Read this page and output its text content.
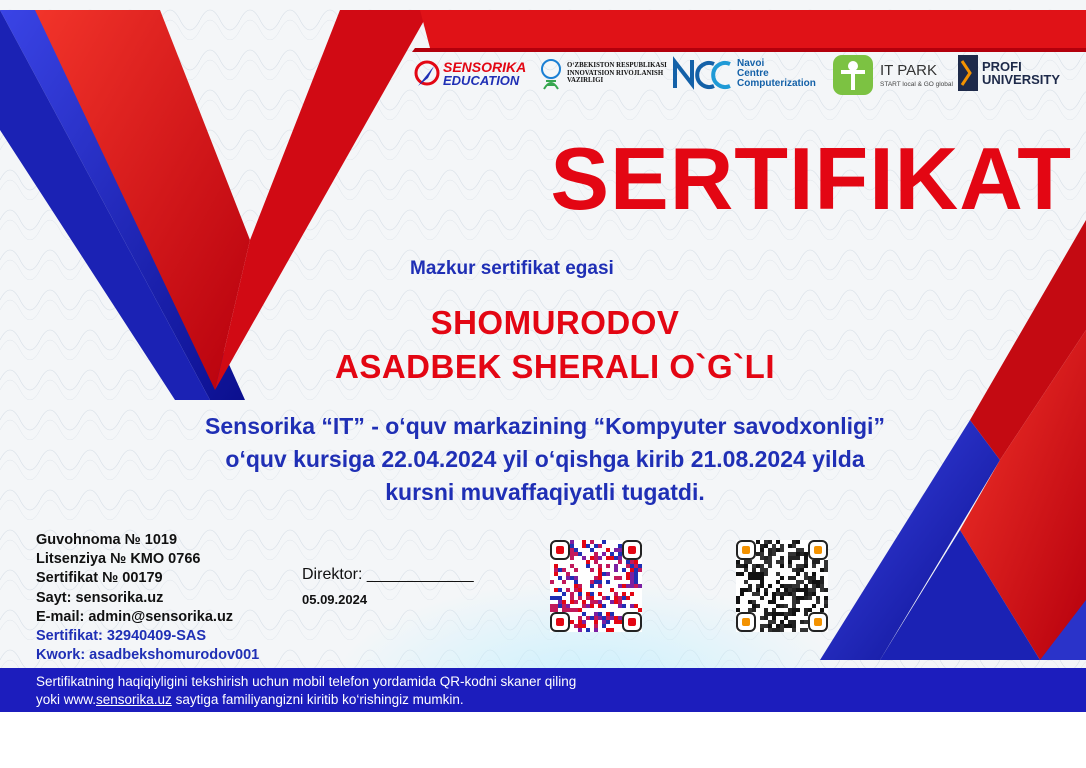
SENSORIKA
EDUCATION
O‘ZBEKISTON RESPUBLIKASI
INNOVATSION RIVOJLANISH
VAZIRLIGI
Navoi
Centre
Computerization
IT PARK
START local & GO global
PROFI
UNIVERSITY
SERTIFIKAT
Mazkur sertifikat egasi
SHOMURODOV
ASADBEK SHERALI O`G`LI
Sensorika “IT” - o‘quv markazining “Kompyuter savodxonligi”
o‘quv kursiga 22.04.2024 yil o‘qishga kirib 21.08.2024 yilda
kursni muvaffaqiyatli tugatdi.
Guvohnoma № 1019
Litsenziya № KMO 0766
Sertifikat № 00179
Sayt: sensorika.uz
E-mail: admin@sensorika.uz
Sertifikat: 32940409-SAS
Kwork: asadbekshomurodov001
Direktor: ____________
05.09.2024
Sertifikatning haqiqiyligini tekshirish uchun mobil telefon yordamida QR-kodni skaner qiling
yoki www.sensorika.uz saytiga familiyangizni kiritib ko‘rishingiz mumkin.
